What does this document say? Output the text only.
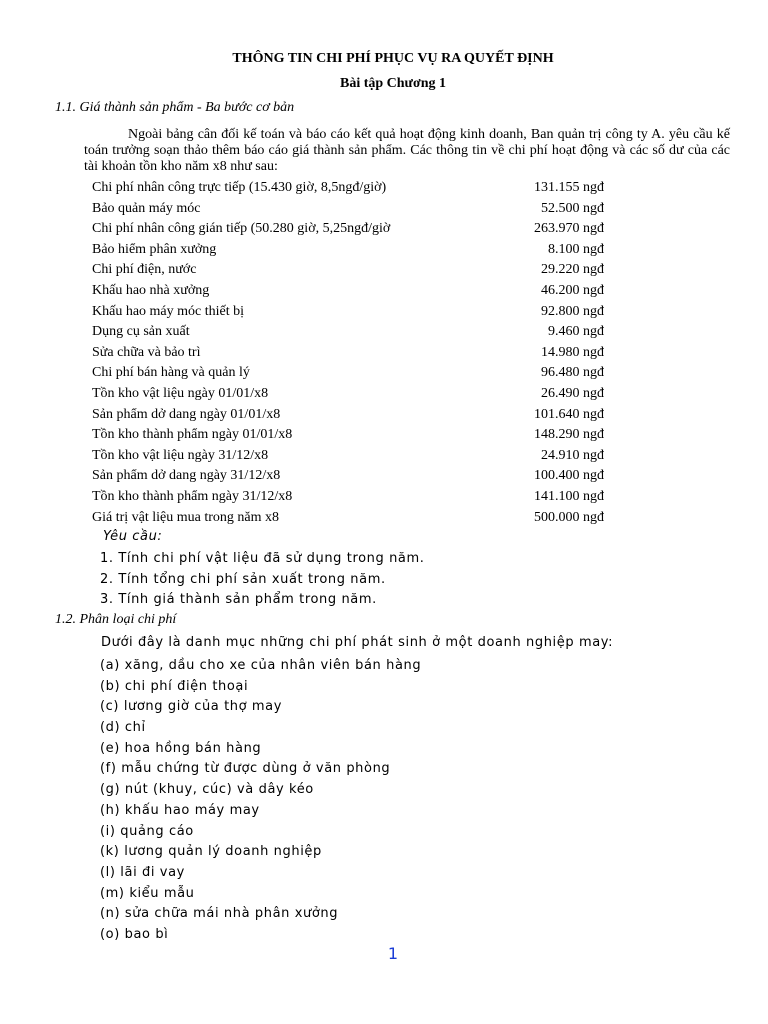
THÔNG TIN CHI PHÍ PHỤC VỤ RA QUYẾT ĐỊNH
Bài tập Chương 1
1.1. Giá thành sản phẩm - Ba bước cơ bản
Ngoài bảng cân đối kế toán và báo cáo kết quả hoạt động kinh doanh, Ban quản trị công ty A. yêu cầu kế toán trưởng soạn thảo thêm báo cáo giá thành sản phẩm. Các thông tin về chi phí hoạt động và các số dư của các tài khoản tồn kho năm x8 như sau:
Chi phí nhân công trực tiếp (15.430 giờ, 8,5ngđ/giờ)	131.155 ngđ
Bảo quản máy móc	52.500 ngđ
Chi phí nhân công gián tiếp (50.280 giờ, 5,25ngđ/giờ	263.970 ngđ
Bảo hiểm phân xưởng	8.100 ngđ
Chi phí điện, nước	29.220 ngđ
Khấu hao nhà xưởng	46.200 ngđ
Khấu hao máy móc thiết bị	92.800 ngđ
Dụng cụ sản xuất	9.460 ngđ
Sửa chữa và bảo trì	14.980 ngđ
Chi phí bán hàng và quản lý	96.480 ngđ
Tồn kho vật liệu ngày 01/01/x8	26.490 ngđ
Sản phẩm dở dang ngày 01/01/x8	101.640 ngđ
Tồn kho thành phẩm ngày 01/01/x8	148.290 ngđ
Tồn kho vật liệu ngày 31/12/x8	24.910 ngđ
Sản phẩm dở dang ngày 31/12/x8	100.400 ngđ
Tồn kho thành phẩm ngày 31/12/x8	141.100 ngđ
Giá trị vật liệu mua trong năm x8	500.000 ngđ
Yêu cầu:
1. Tính chi phí vật liệu đã sử dụng trong năm.
2. Tính tổng chi phí sản xuất trong năm.
3. Tính giá thành sản phẩm trong năm.
1.2. Phân loại chi phí
Dưới đây là danh mục những chi phí phát sinh ở một doanh nghiệp may:
(a) xăng, dầu cho xe của nhân viên bán hàng
(b) chi phí điện thoại
(c) lương giờ của thợ may
(d) chỉ
(e) hoa hồng bán hàng
(f) mẫu chứng từ được dùng ở văn phòng
(g) nút (khuy, cúc) và dây kéo
(h) khấu hao máy may
(i) quảng cáo
(k) lương quản lý doanh nghiệp
(l) lãi đi vay
(m) kiểu mẫu
(n) sửa chữa mái nhà phân xưởng
(o) bao bì
1
